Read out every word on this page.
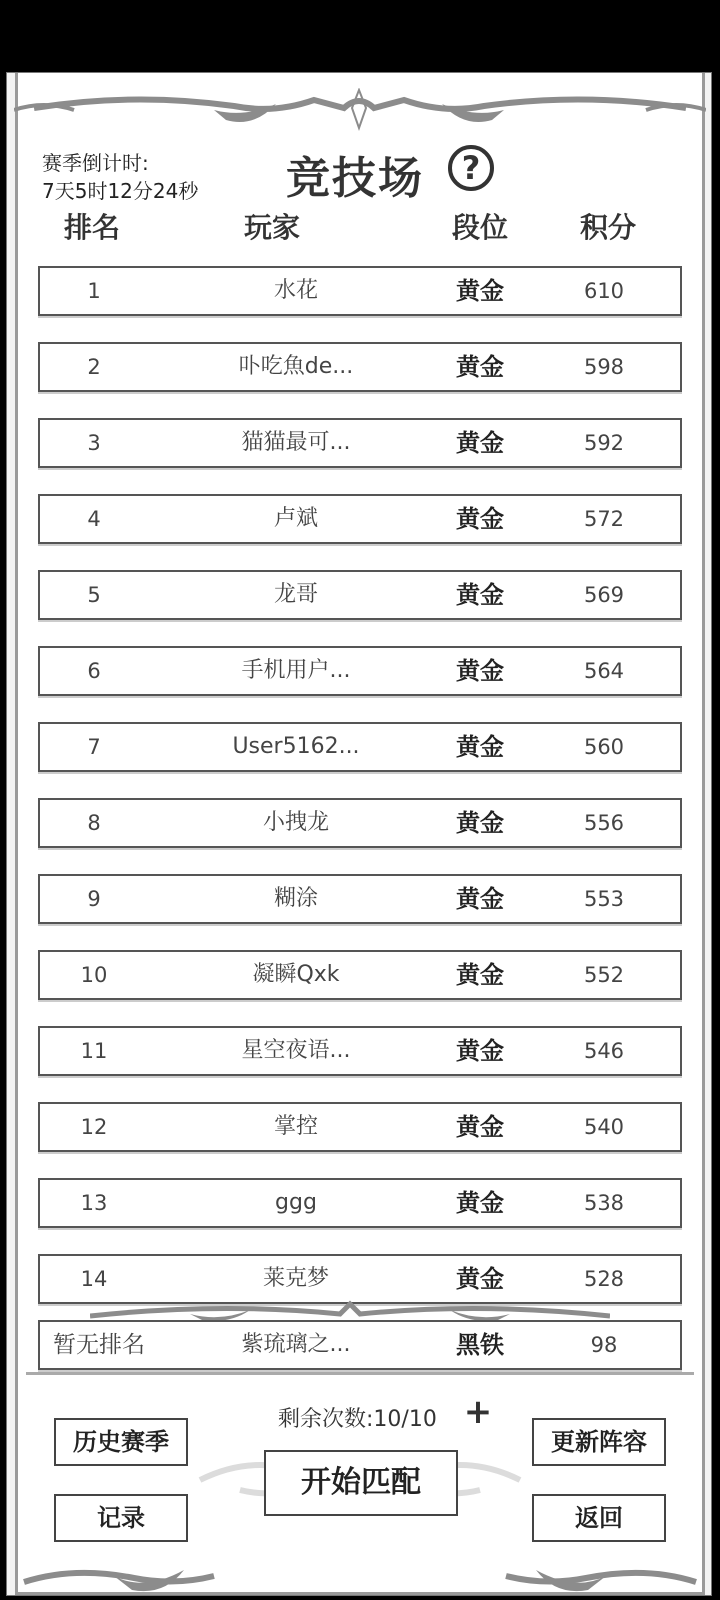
赛季倒计时:
7天5时12分24秒 竞技场	?
排名	玩家	段位	积分
1	水花	黄金	610
2	卟吃魚de...	黄金	598
3	猫猫最可...	黄金	592
4	卢斌	黄金	572
5	龙哥	黄金	569
6	手机用户...	黄金	564
7	User5162...	黄金	560
8	小拽龙	黄金	556
9	糊涂	黄金	553
10	凝瞬Qxk	黄金	552
11	星空夜语...	黄金	546
12	掌控	黄金	540
13	ggg	黄金	538
14	莱克梦	黄金	528
暂无排名	紫琉璃之...	黑铁	98
剩余次数:10/10 +
历史赛季
记录
开始匹配
更新阵容
返回
